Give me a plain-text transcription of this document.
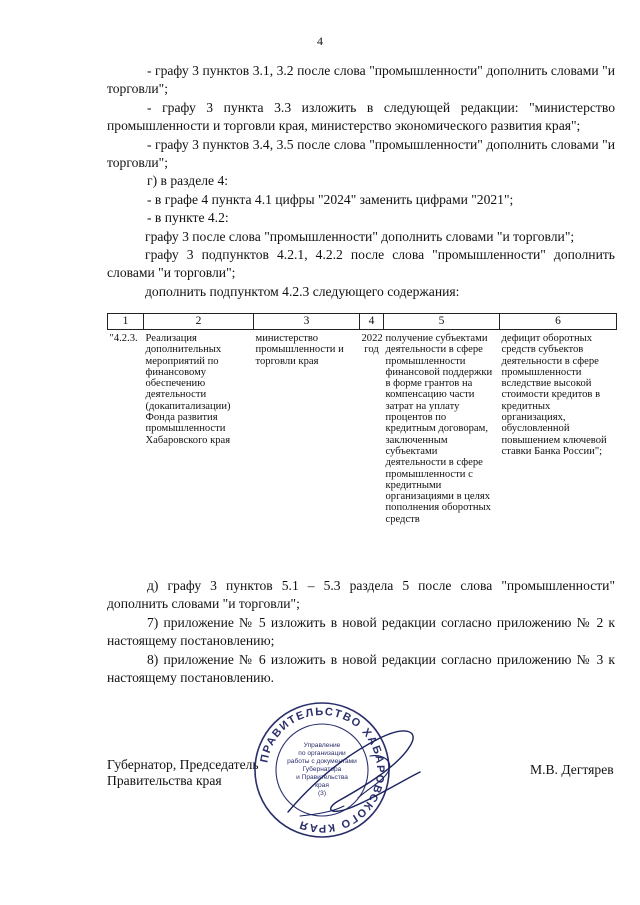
4

- графу 3 пунктов 3.1, 3.2 после слова "промышленности" дополнить словами "и торговли";

- графу 3 пункта 3.3 изложить в следующей редакции: "министерство промышленности и торговли края, министерство экономического развития края";

- графу 3 пунктов 3.4, 3.5 после слова "промышленности" дополнить словами "и торговли";

г) в разделе 4:

- в графе 4 пункта 4.1 цифры "2024" заменить цифрами "2021";

- в пункте 4.2:

графу 3 после слова "промышленности" дополнить словами "и торговли";

графу 3 подпунктов 4.2.1, 4.2.2 после слова "промышленности" дополнить словами "и торговли";

дополнить подпунктом 4.2.3 следующего содержания:

1	2	3	4	5	6
"4.2.3.	Реализация дополнительных мероприятий по финансовому обеспечению деятельности (докапитализации) Фонда развития промышленности Хабаровского края	министерство промышленности и торговли края	2022 год	получение субъектами деятельности в сфере промышленности финансовой поддержки в форме грантов на компенсацию части затрат на уплату процентов по кредитным договорам, заключенным субъектами деятельности в сфере промышленности с кредитными организациями в целях пополнения оборотных средств	дефицит оборотных средств субъектов деятельности в сфере промышленности вследствие высокой стоимости кредитов в кредитных организациях, обусловленной повышением ключевой ставки Банка России";

д) графу 3 пунктов 5.1 – 5.3 раздела 5 после слова "промышленности" дополнить словами "и торговли";

7) приложение № 5 изложить в новой редакции согласно приложению № 2 к настоящему постановлению;

8) приложение № 6 изложить в новой редакции согласно приложению № 3 к настоящему постановлению.

Губернатор, Председатель
Правительства края
ПРАВИТЕЛЬСТВО ХАБАРОВСКОГО КРАЯ
Управление
по организации
работы с документами
Губернатора
и Правительства
края
(3)
М.В. Дегтярев
